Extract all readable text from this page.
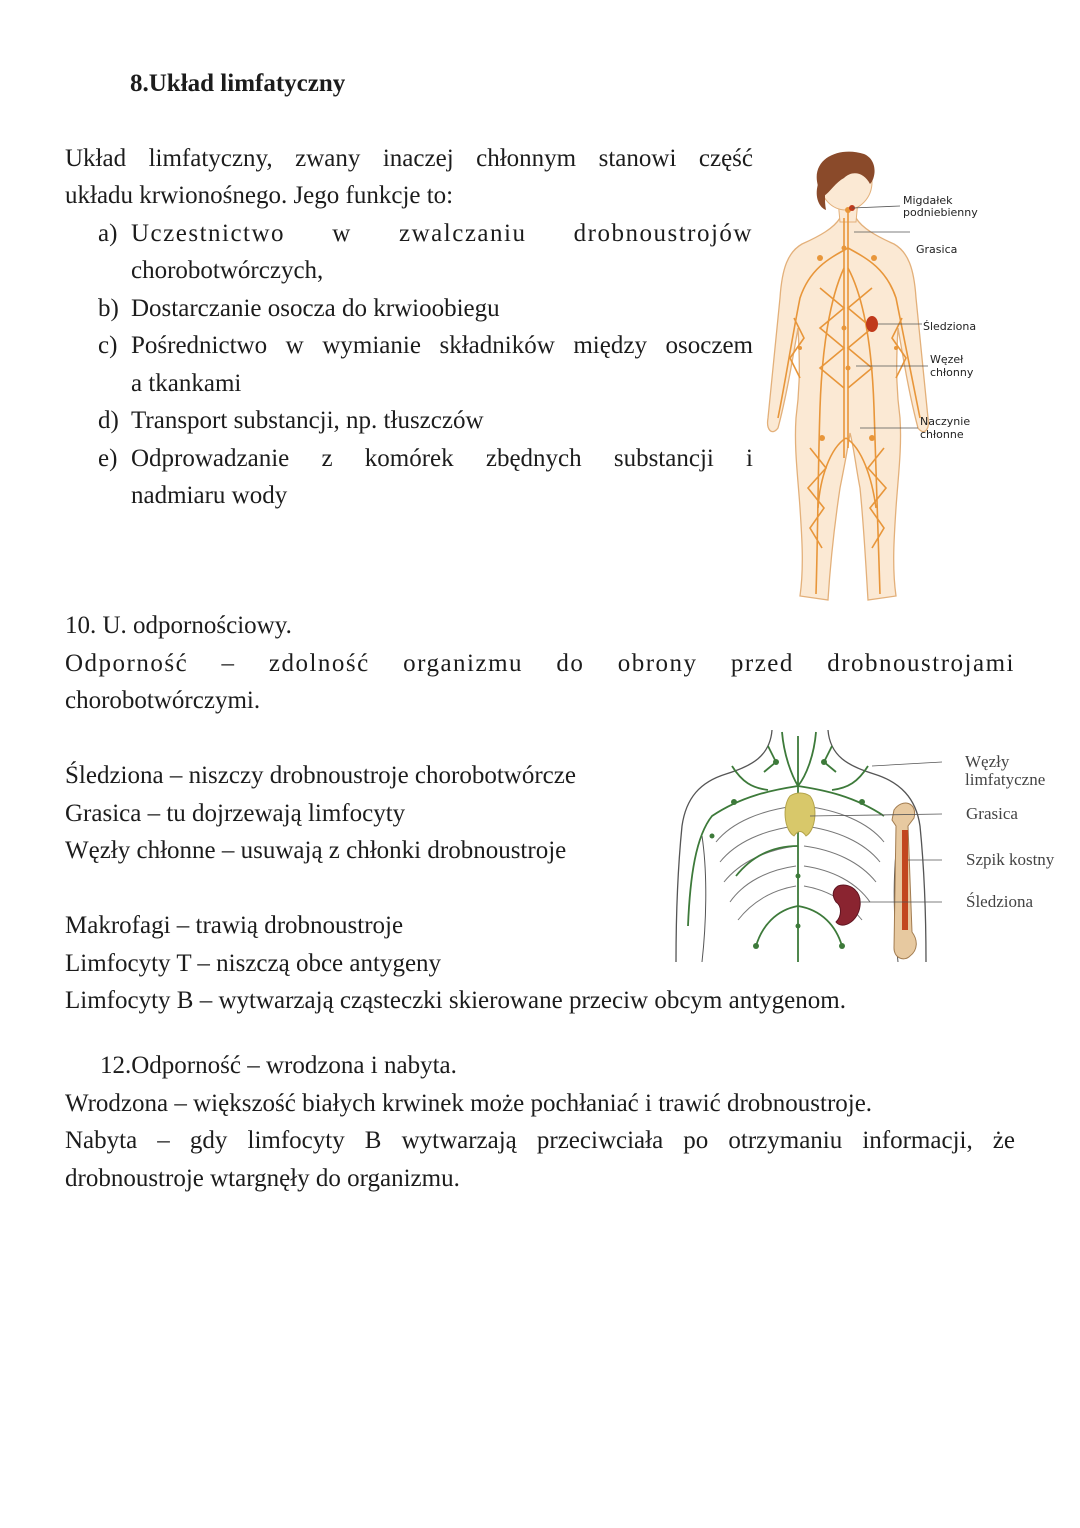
8.Układ limfatyczny
Układ limfatyczny, zwany inaczej chłonnym stanowi część
układu krwionośnego. Jego funkcje to:
a) Uczestnictwo w zwalczaniu drobnoustrojów
chorobotwórczych,
b) Dostarczanie osocza do krwioobiegu
c) Pośrednictwo w wymianie składników między osoczem
a tkankami
d) Transport substancji, np. tłuszczów
e) Odprowadzanie z komórek zbędnych substancji i
nadmiaru wody
Migdałek
podniebienny
Grasica
Śledziona
Węzeł
chłonny
Naczynie
chłonne
10. U. odpornościowy.
Odporność – zdolność organizmu do obrony przed drobnoustrojami
chorobotwórczymi.
Śledziona – niszczy drobnoustroje chorobotwórcze
Grasica – tu dojrzewają limfocyty
Węzły chłonne – usuwają z chłonki drobnoustroje
Makrofagi – trawią drobnoustroje
Limfocyty T – niszczą obce antygeny
Limfocyty B – wytwarzają cząsteczki skierowane przeciw obcym antygenom.
Węzły
limfatyczne
Grasica
Szpik kostny
Śledziona
12.Odporność – wrodzona i nabyta.
Wrodzona – większość białych krwinek może pochłaniać i trawić drobnoustroje.
Nabyta – gdy limfocyty B wytwarzają przeciwciała po otrzymaniu informacji, że
drobnoustroje wtargnęły do organizmu.
